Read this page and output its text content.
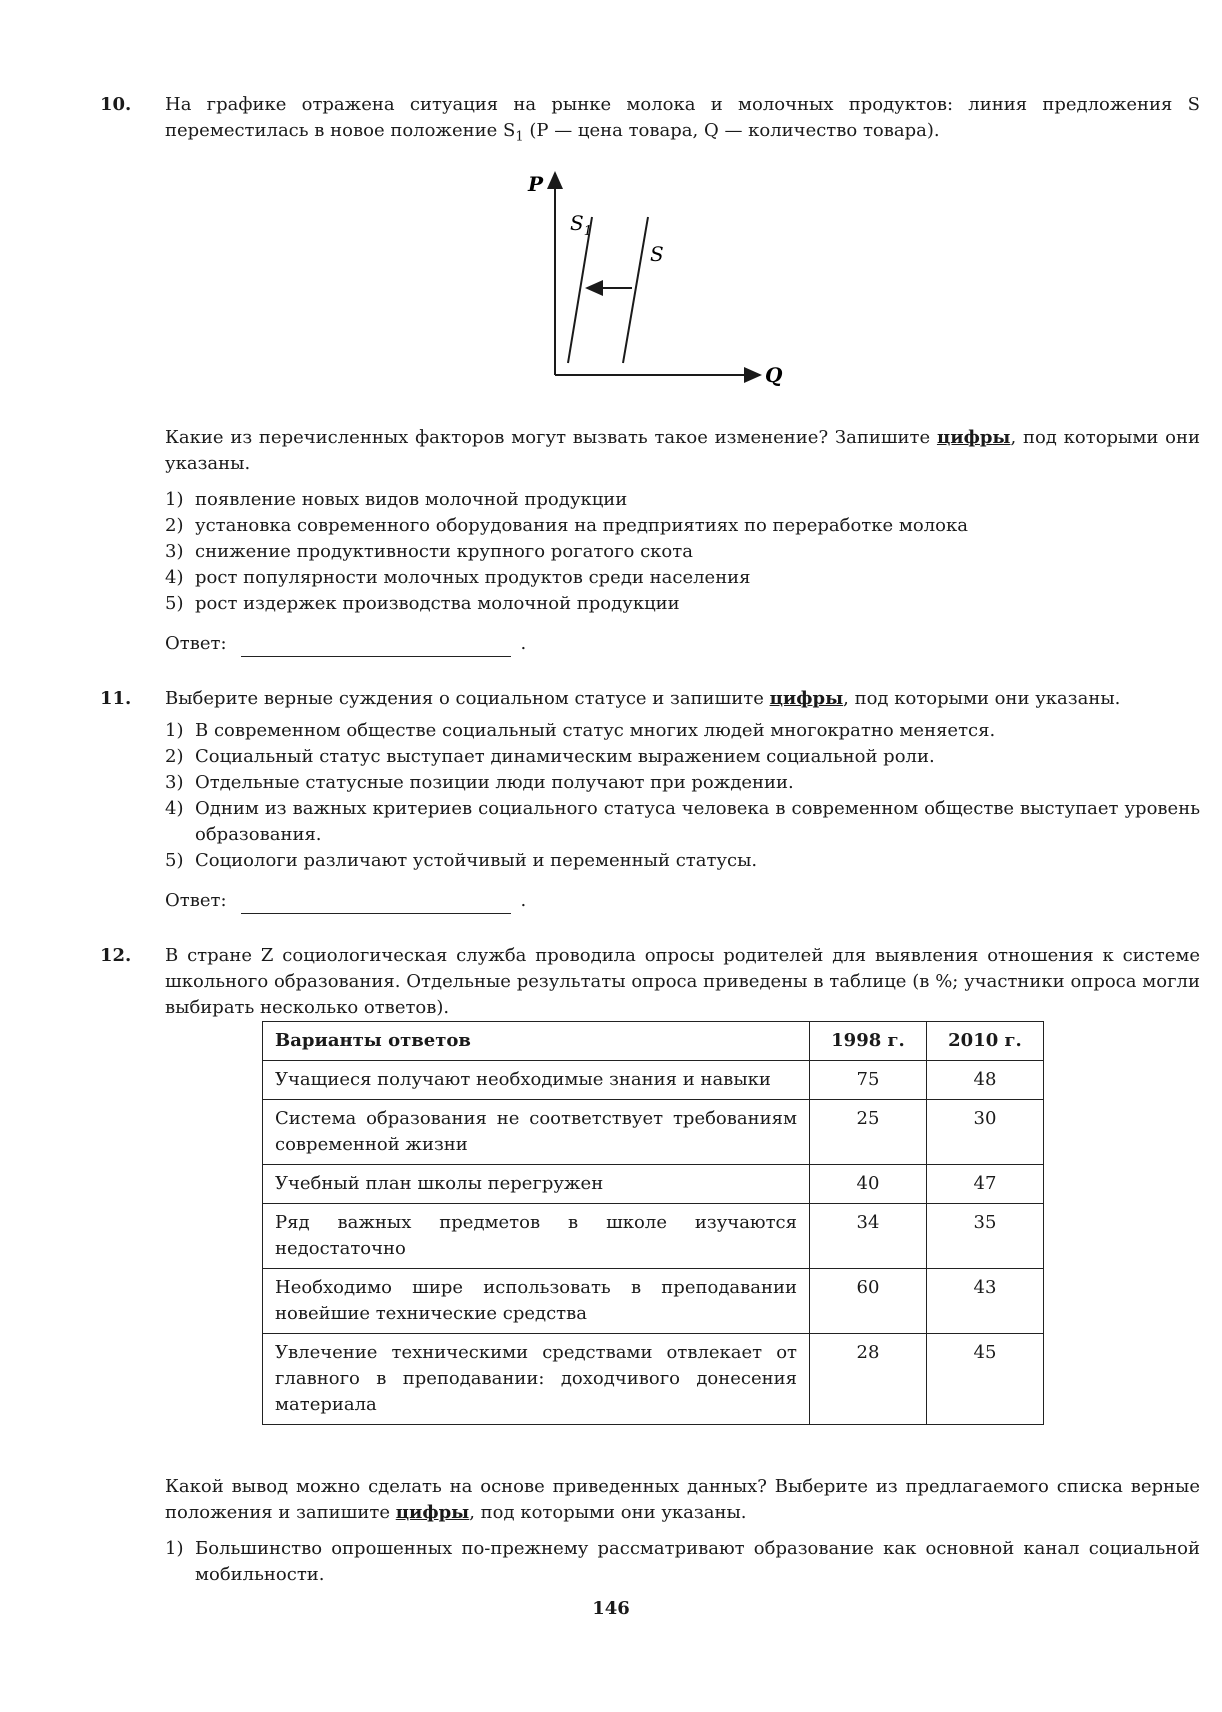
10. На графике отражена ситуация на рынке молока и молочных продуктов: линия предложения S переместилась в новое положение $S_1$ (P — цена товара, Q — количество товара).

P
Q
$S_1$
S

Какие из перечисленных факторов могут вызвать такое изменение? Запишите цифры, под которыми они указаны.

1) появление новых видов молочной продукции
2) установка современного оборудования на предприятиях по переработке молока
3) снижение продуктивности крупного рогатого скота
4) рост популярности молочных продуктов среди населения
5) рост издержек производства молочной продукции
Ответ:	.
11. Выберите верные суждения о социальном статусе и запишите цифры, под которыми они указаны.

1) В современном обществе социальный статус многих людей многократно меняется.
2) Социальный статус выступает динамическим выражением социальной роли.
3) Отдельные статусные позиции люди получают при рождении.
4) Одним из важных критериев социального статуса человека в современном обществе выступает уровень образования.
5) Социологи различают устойчивый и переменный статусы.
Ответ:	.
12. В стране Z социологическая служба проводила опросы родителей для выявления отношения к системе школьного образования. Отдельные результаты опроса приведены в таблице (в %; участники опроса могли выбирать несколько ответов).

Варианты ответов	1998 г.	2010 г.
Учащиеся получают необходимые знания и навыки	75	48
Система образования не соответствует требованиям современной жизни	25	30
Учебный план школы перегружен	40	47
Ряд важных предметов в школе изучаются недостаточно	34	35
Необходимо шире использовать в преподавании новейшие технические средства	60	43
Увлечение техническими средствами отвлекает от главного в преподавании: доходчивого донесения материала	28	45

Какой вывод можно сделать на основе приведенных данных? Выберите из предлагаемого списка верные положения и запишите цифры, под которыми они указаны.

1) Большинство опрошенных по-прежнему рассматривают образование как основной канал социальной мобильности.
146
